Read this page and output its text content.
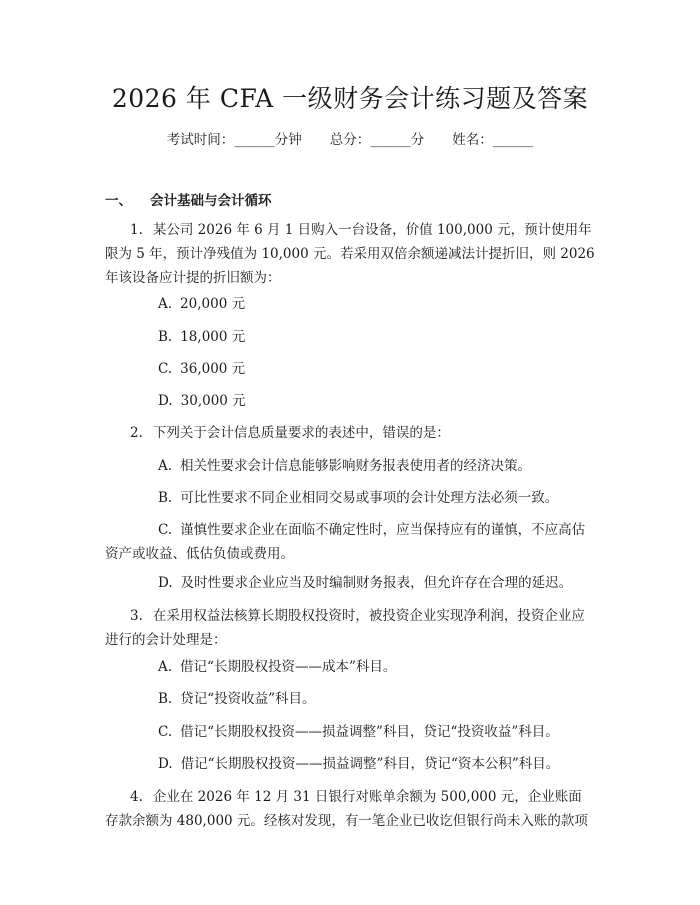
2026 年 CFA 一级财务会计练习题及答案
考试时间：______分钟 总分：______分 姓名：______
一、 会计基础与会计循环

1. 某公司 2026 年 6 月 1 日购入一台设备，价值 100,000 元，预计使用年限为 5 年，预计净残值为 10,000 元。若采用双倍余额递减法计提折旧，则 2026 年该设备应计提的折旧额为：

A. 20,000 元

B. 18,000 元

C. 36,000 元

D. 30,000 元

2. 下列关于会计信息质量要求的表述中，错误的是：

A. 相关性要求会计信息能够影响财务报表使用者的经济决策。

B. 可比性要求不同企业相同交易或事项的会计处理方法必须一致。

C. 谨慎性要求企业在面临不确定性时，应当保持应有的谨慎，不应高估资产或收益、低估负债或费用。

D. 及时性要求企业应当及时编制财务报表，但允许存在合理的延迟。

3. 在采用权益法核算长期股权投资时，被投资企业实现净利润，投资企业应进行的会计处理是：

A. 借记“长期股权投资——成本”科目。

B. 贷记“投资收益”科目。

C. 借记“长期股权投资——损益调整”科目，贷记“投资收益”科目。

D. 借记“长期股权投资——损益调整”科目，贷记“资本公积”科目。

4. 企业在 2026 年 12 月 31 日银行对账单余额为 500,000 元，企业账面存款余额为 480,000 元。经核对发现，有一笔企业已收讫但银行尚未入账的款项
